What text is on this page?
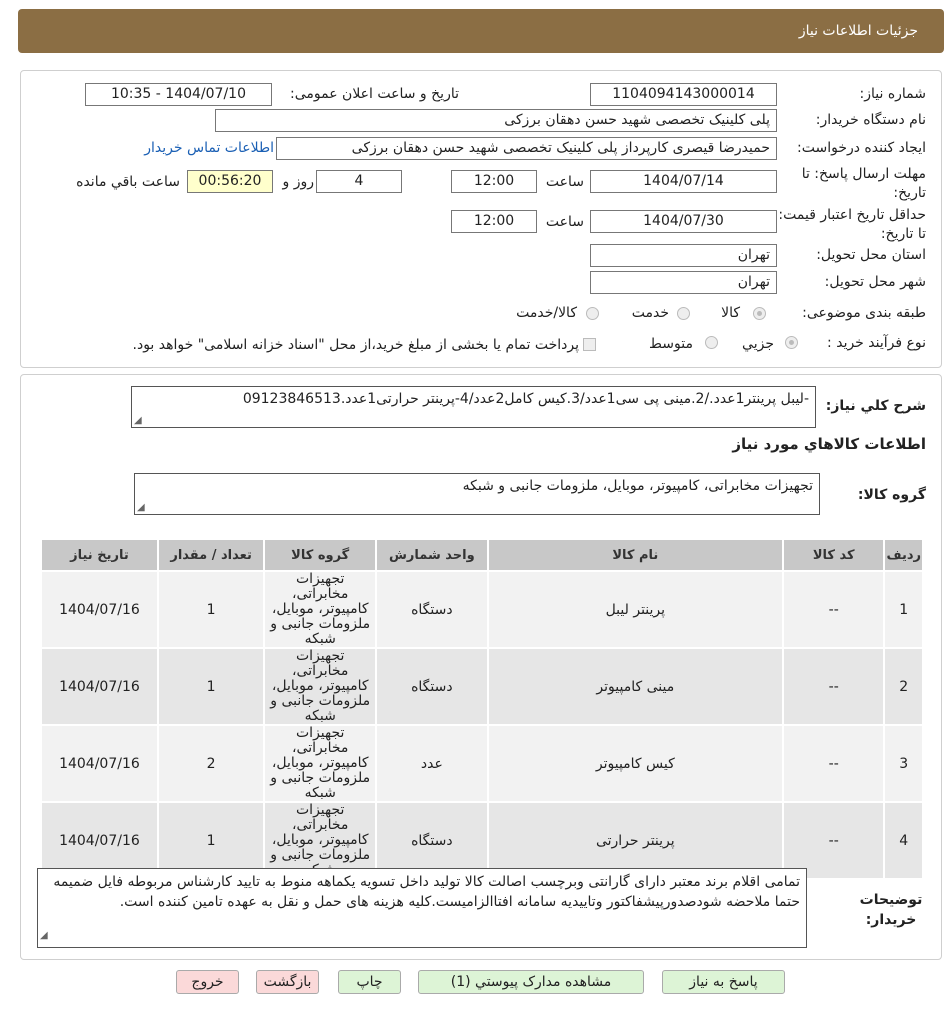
جزئیات اطلاعات نیاز
شماره نیاز:
1104094143000014
تاریخ و ساعت اعلان عمومی:
1404/07/10 - 10:35
نام دستگاه خریدار:
پلی کلینیک تخصصی شهید حسن دهقان برزکی
ایجاد کننده درخواست:
حمیدرضا قیصری کارپرداز پلی کلینیک تخصصی شهید حسن دهقان برزکی
اطلاعات تماس خریدار
مهلت ارسال پاسخ: تا تاریخ:
1404/07/14
ساعت
12:00
4
روز و
00:56:20
ساعت باقي مانده
حداقل تاریخ اعتبار قیمت: تا تاریخ:
1404/07/30
ساعت
12:00
استان محل تحویل:
تهران
شهر محل تحویل:
تهران
طبقه بندی موضوعی:
کالا
خدمت
کالا/خدمت
نوع فرآیند خرید :
جزیي
متوسط
پرداخت تمام یا بخشی از مبلغ خرید،از محل "اسناد خزانه اسلامی" خواهد بود.
شرح كلي نياز:
-لیبل پرینتر1عدد./2.مینی پی سی1عدد/3.کیس کامل2عدد/4-پرینتر حرارتی1عدد.09123846513
◢
اطلاعات کالاهاي مورد نياز
گروه کالا:
تجهیزات مخابراتی، کامپیوتر، موبایل، ملزومات جانبی و شبکه
◢
رديف	کد کالا	نام کالا	واحد شمارش	گروه کالا	تعداد / مقدار	تاریخ نیاز
1	--	پرینتر لیبل	دستگاه	تجهیزات مخابراتی، کامپیوتر، موبایل، ملزومات جانبی و شبکه	1	1404/07/16
2	--	مینی کامپیوتر	دستگاه	تجهیزات مخابراتی، کامپیوتر، موبایل، ملزومات جانبی و شبکه	1	1404/07/16
3	--	کیس کامپیوتر	عدد	تجهیزات مخابراتی، کامپیوتر، موبایل، ملزومات جانبی و شبکه	2	1404/07/16
4	--	پرینتر حرارتی	دستگاه	تجهیزات مخابراتی، کامپیوتر، موبایل، ملزومات جانبی و	1	1404/07/16
توضیحات خریدار:
تمامی اقلام برند معتبر دارای گارانتی وبرچسب اصالت کالا تولید داخل تسویه یکماهه منوط به تایید کارشناس مربوطه فایل ضمیمه حتما ملاحضه شودصدورپیشفاکتور وتاییدیه سامانه افتاالزامیست.کلیه هزینه های حمل و نقل به عهده تامین کننده است.
◢
پاسخ به نیاز
مشاهده مدارک پیوستي (1)
چاپ
بازگشت
خروج
